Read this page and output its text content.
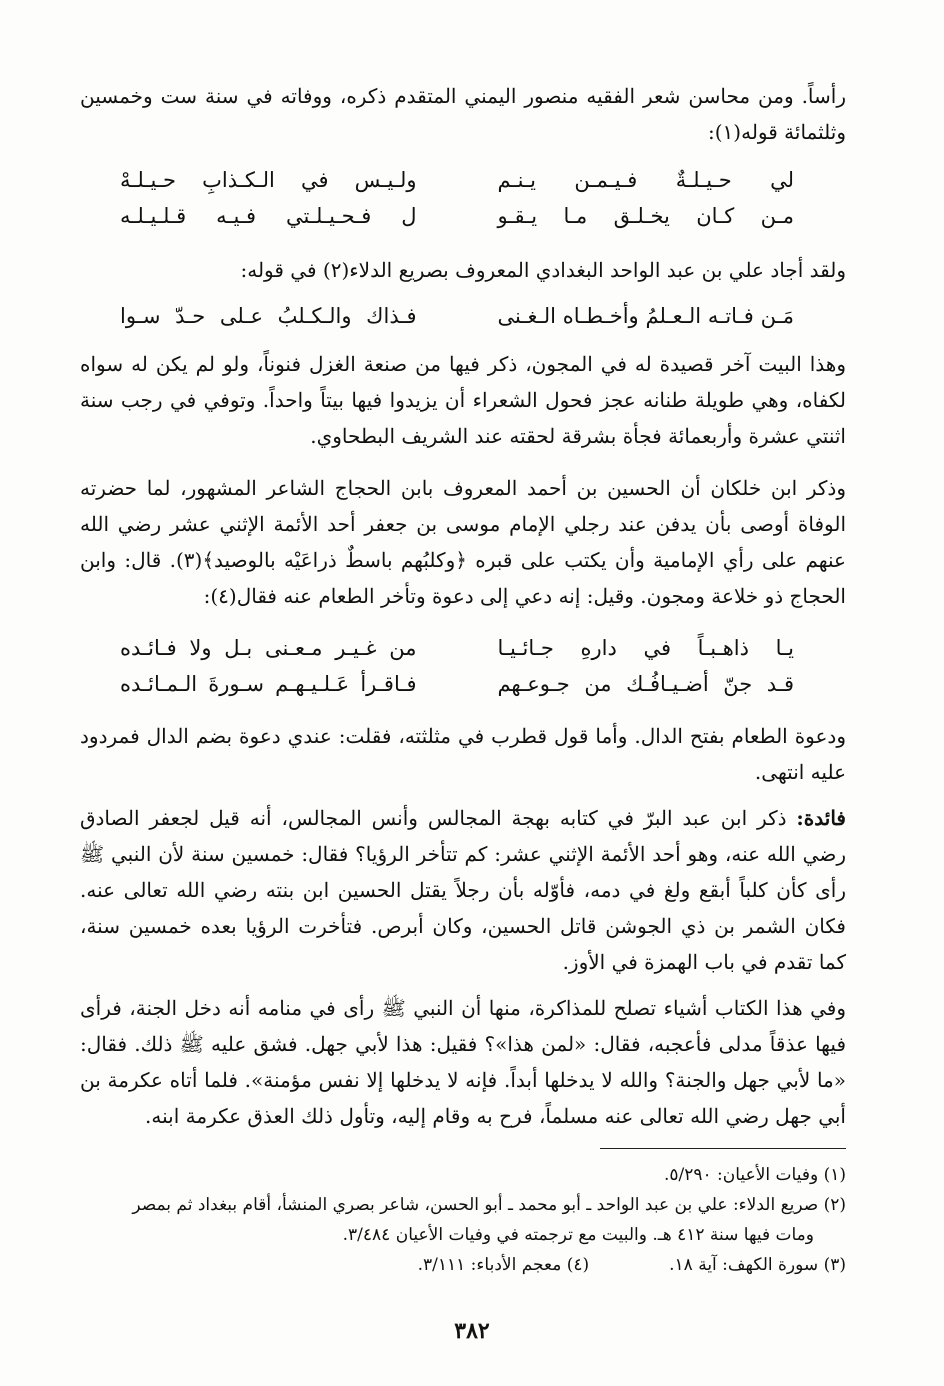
رأساً. ومن محاسن شعر الفقيه منصور اليمني المتقدم ذكره، ووفاته في سنة ست وخمسين وثلثمائة قوله(١):
لي حـيـلـةٌ فـيـمـن يـنـم
ولـيـس في الـكـذابِ حـيـلـهْ
مـن كـان يخـلـق مـا يـقـو
ل فـحـيـلـتي فـيـه قـلـيـلـه
ولقد أجاد علي بن عبد الواحد البغدادي المعروف بصريع الدلاء(٢) في قوله:
مَـن فـاتـه الـعـلمُ وأخـطـاه الـغـنى
فـذاك والـكـلبُ عـلى حـدّ سـوا
وهذا البيت آخر قصيدة له في المجون، ذكر فيها من صنعة الغزل فنوناً، ولو لم يكن له سواه لكفاه، وهي طويلة طنانه عجز فحول الشعراء أن يزيدوا فيها بيتاً واحداً. وتوفي في رجب سنة اثنتي عشرة وأربعمائة فجأة بشرقة لحقته عند الشريف البطحاوي.
وذكر ابن خلكان أن الحسين بن أحمد المعروف بابن الحجاج الشاعر المشهور، لما حضرته الوفاة أوصى بأن يدفن عند رجلي الإمام موسى بن جعفر أحد الأئمة الإثني عشر رضي الله عنهم على رأي الإمامية وأن يكتب على قبره ﴿وكلبُهم باسطٌ ذراعَيْه بالوصيد﴾(٣). قال: وابن الحجاج ذو خلاعة ومجون. وقيل: إنه دعي إلى دعوة وتأخر الطعام عنه فقال(٤):
يـا ذاهـبـاً في دارهِ جـائـيـا
من غـيـر مـعـنى بـل ولا فـائـده
قـد جنّ أضـيـافُـك من جـوعـهم
فـاقـرأ عَـلـيـهـم سـورةَ الـمـائـده
ودعوة الطعام بفتح الدال. وأما قول قطرب في مثلثته، فقلت: عندي دعوة بضم الدال فمردود عليه انتهى.
فائدة: ذكر ابن عبد البرّ في كتابه بهجة المجالس وأنس المجالس، أنه قيل لجعفر الصادق رضي الله عنه، وهو أحد الأئمة الإثني عشر: كم تتأخر الرؤيا؟ فقال: خمسين سنة لأن النبي ﷺ رأى كأن كلباً أبقع ولغ في دمه، فأوّله بأن رجلاً يقتل الحسين ابن بنته رضي الله تعالى عنه. فكان الشمر بن ذي الجوشن قاتل الحسين، وكان أبرص. فتأخرت الرؤيا بعده خمسين سنة، كما تقدم في باب الهمزة في الأوز.
وفي هذا الكتاب أشياء تصلح للمذاكرة، منها أن النبي ﷺ رأى في منامه أنه دخل الجنة، فرأى فيها عذقاً مدلى فأعجبه، فقال: «لمن هذا»؟ فقيل: هذا لأبي جهل. فشق عليه ﷺ ذلك. فقال: «ما لأبي جهل والجنة؟ والله لا يدخلها أبداً. فإنه لا يدخلها إلا نفس مؤمنة». فلما أتاه عكرمة بن أبي جهل رضي الله تعالى عنه مسلماً، فرح به وقام إليه، وتأول ذلك العذق عكرمة ابنه.
(١) وفيات الأعيان: ٥/٢٩٠.
(٢) صريع الدلاء: علي بن عبد الواحد ـ أبو محمد ـ أبو الحسن، شاعر بصري المنشأ، أقام ببغداد ثم بمصر
ومات فيها سنة ٤١٢ هـ. والبيت مع ترجمته في وفيات الأعيان ٣/٤٨٤.
(٣) سورة الكهف: آية ١٨.
(٤) معجم الأدباء: ٣/١١١.
٣٨٢
